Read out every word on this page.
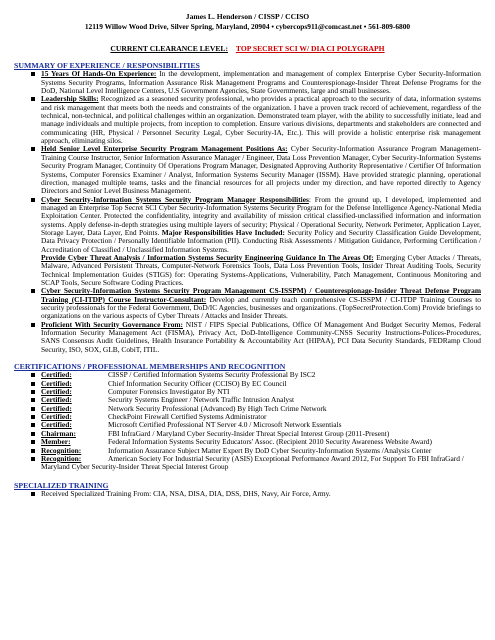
James L. Henderson / CISSP / CCISO
12119 Willow Wood Drive, Silver Spring, Maryland, 20904 • cybercops911@comcast.net • 561-809-6800
CURRENT CLEARANCE LEVEL: TOP SECRET SCI W/ DIA CI POLYGRAPH
SUMMARY OF EXPERIENCE / RESPONSIBILITIES
15 Years Of Hands-On Experience: In the development, implementation and management of complex Enterprise Cyber Security-Information Systems Security Programs, Information Assurance Risk Management Programs and Counterespionage-Insider Threat Defense Programs for the DoD, National Level Intelligence Centers, U.S Government Agencies, State Governments, large and small businesses.
Leadership Skills: Recognized as a seasoned security professional, who provides a practical approach to the security of data, information systems and risk management that meets both the needs and constraints of the organization. I have a proven track record of achievement, regardless of the technical, non-technical, and political challenges within an organization. Demonstrated team player, with the ability to successfully initiate, lead and manage individuals and multiple projects, from inception to completion. Ensure various divisions, departments and stakeholders are connected and communicating (HR, Physical / Personnel Security Legal, Cyber Security-IA, Etc.). This will provide a holistic enterprise risk management approach, eliminating silos.
Held Senior Level Enterprise Security Program Management Positions As: Cyber Security-Information Assurance Program Management-Training Course Instructor, Senior Information Assurance Manager / Engineer, Data Loss Prevention Manager, Cyber Security-Information Systems Security Program Manager, Continuity Of Operations Program Manager, Designated Approving Authority Representative / Certifier Of Information Systems, Computer Forensics Examiner / Analyst, Information Systems Security Manager (ISSM). Have provided strategic planning, operational direction, managed multiple teams, tasks and the financial resources for all projects under my direction, and have reported directly to Agency Directors and Senior Level Business Management.
Cyber Security-Information Systems Security Program Manager Responsibilities: From the ground up, I developed, implemented and managed an Enterprise Top Secret SCI Cyber Security-Information Systems Security Program for the Defense Intelligence Agency-National Media Exploitation Center. Protected the confidentiality, integrity and availability of mission critical classified-unclassified information and information systems. Apply defense-in-depth strategies using multiple layers of security; Physical / Operational Security, Network Perimeter, Application Layer, Storage Layer, Data Layer, End Points. Major Responsibilities Have Included: Security Policy and Security Classification Guide Development, Data Privacy Protection / Personally Identifiable Information (PII). Conducting Risk Assessments / Mitigation Guidance, Performing Certification / Accreditation of Classified / Unclassified Information Systems.
Provide Cyber Threat Analysis / Information Systems Security Engineering Guidance In The Areas Of: Emerging Cyber Attacks / Threats, Malware, Advanced Persistent Threats, Computer-Network Forensics Tools, Data Loss Prevention Tools, Insider Threat Auditing Tools, Security Technical Implementation Guides (STIGS) for: Operating Systems-Applications, Vulnerability, Patch Management, Continuous Monitoring and SCAP Tools, Secure Software Coding Practices.
Cyber Security-Information Systems Security Program Management CS-ISSPM) / Counterespionage-Insider Threat Defense Program Training (CI-ITDP) Course Instructor-Consultant: Develop and currently teach comprehensive CS-ISSPM / CI-ITDP Training Courses to security professionals for the Federal Government, DoD/IC Agencies, businesses and organizations. (TopSecretProtection.Com) Provide briefings to organizations on the various aspects of Cyber Threats / Attacks and Insider Threats.
Proficient With Security Governance From: NIST / FIPS Special Publications, Office Of Management And Budget Security Memos, Federal Information Security Management Act (FISMA), Privacy Act, DoD-Intelligence Community-CNSS Security Instructions-Polices-Procedures, SANS Consensus Audit Guidelines, Health Insurance Portability & Accountability Act (HIPAA), PCI Data Security Standards, FEDRamp Cloud Security, ISO, SOX, GLB, CobiT, ITIL.
CERTIFICATIONS / PROFESSIONAL MEMBERSHIPS AND RECOGNITION
Certified:	CISSP / Certified Information Systems Security Professional By ISC2
Certified:	Chief Information Security Officer (CCISO) By EC Council
Certified:	Computer Forensics Investigator By NTI
Certified:	Security Systems Engineer / Network Traffic Intrusion Analyst
Certified:	Network Security Professional (Advanced) By High Tech Crime Network
Certified:	CheckPoint Firewall Certified Systems Administrator
Certified:	Microsoft Certified Professional NT Server 4.0 / Microsoft Network Essentials
Chairman:	FBI InfraGard / Maryland Cyber Security-Insider Threat Special Interest Group (2011-Present)
Member:	Federal Information Systems Security Educators' Assoc. (Recipient 2010 Security Awareness Website Award)
Recognition:	Information Assurance Subject Matter Expert By DoD Cyber Security-Information Systems /Analysis Center
Recognition:	American Society For Industrial Security (ASIS) Exceptional Performance Award 2012, For Support To FBI InfraGard / Maryland Cyber Security-Insider Threat Special Interest Group
SPECIALIZED TRAINING
Received Specialized Training From: CIA, NSA, DISA, DIA, DSS, DHS, Navy, Air Force, Army.
